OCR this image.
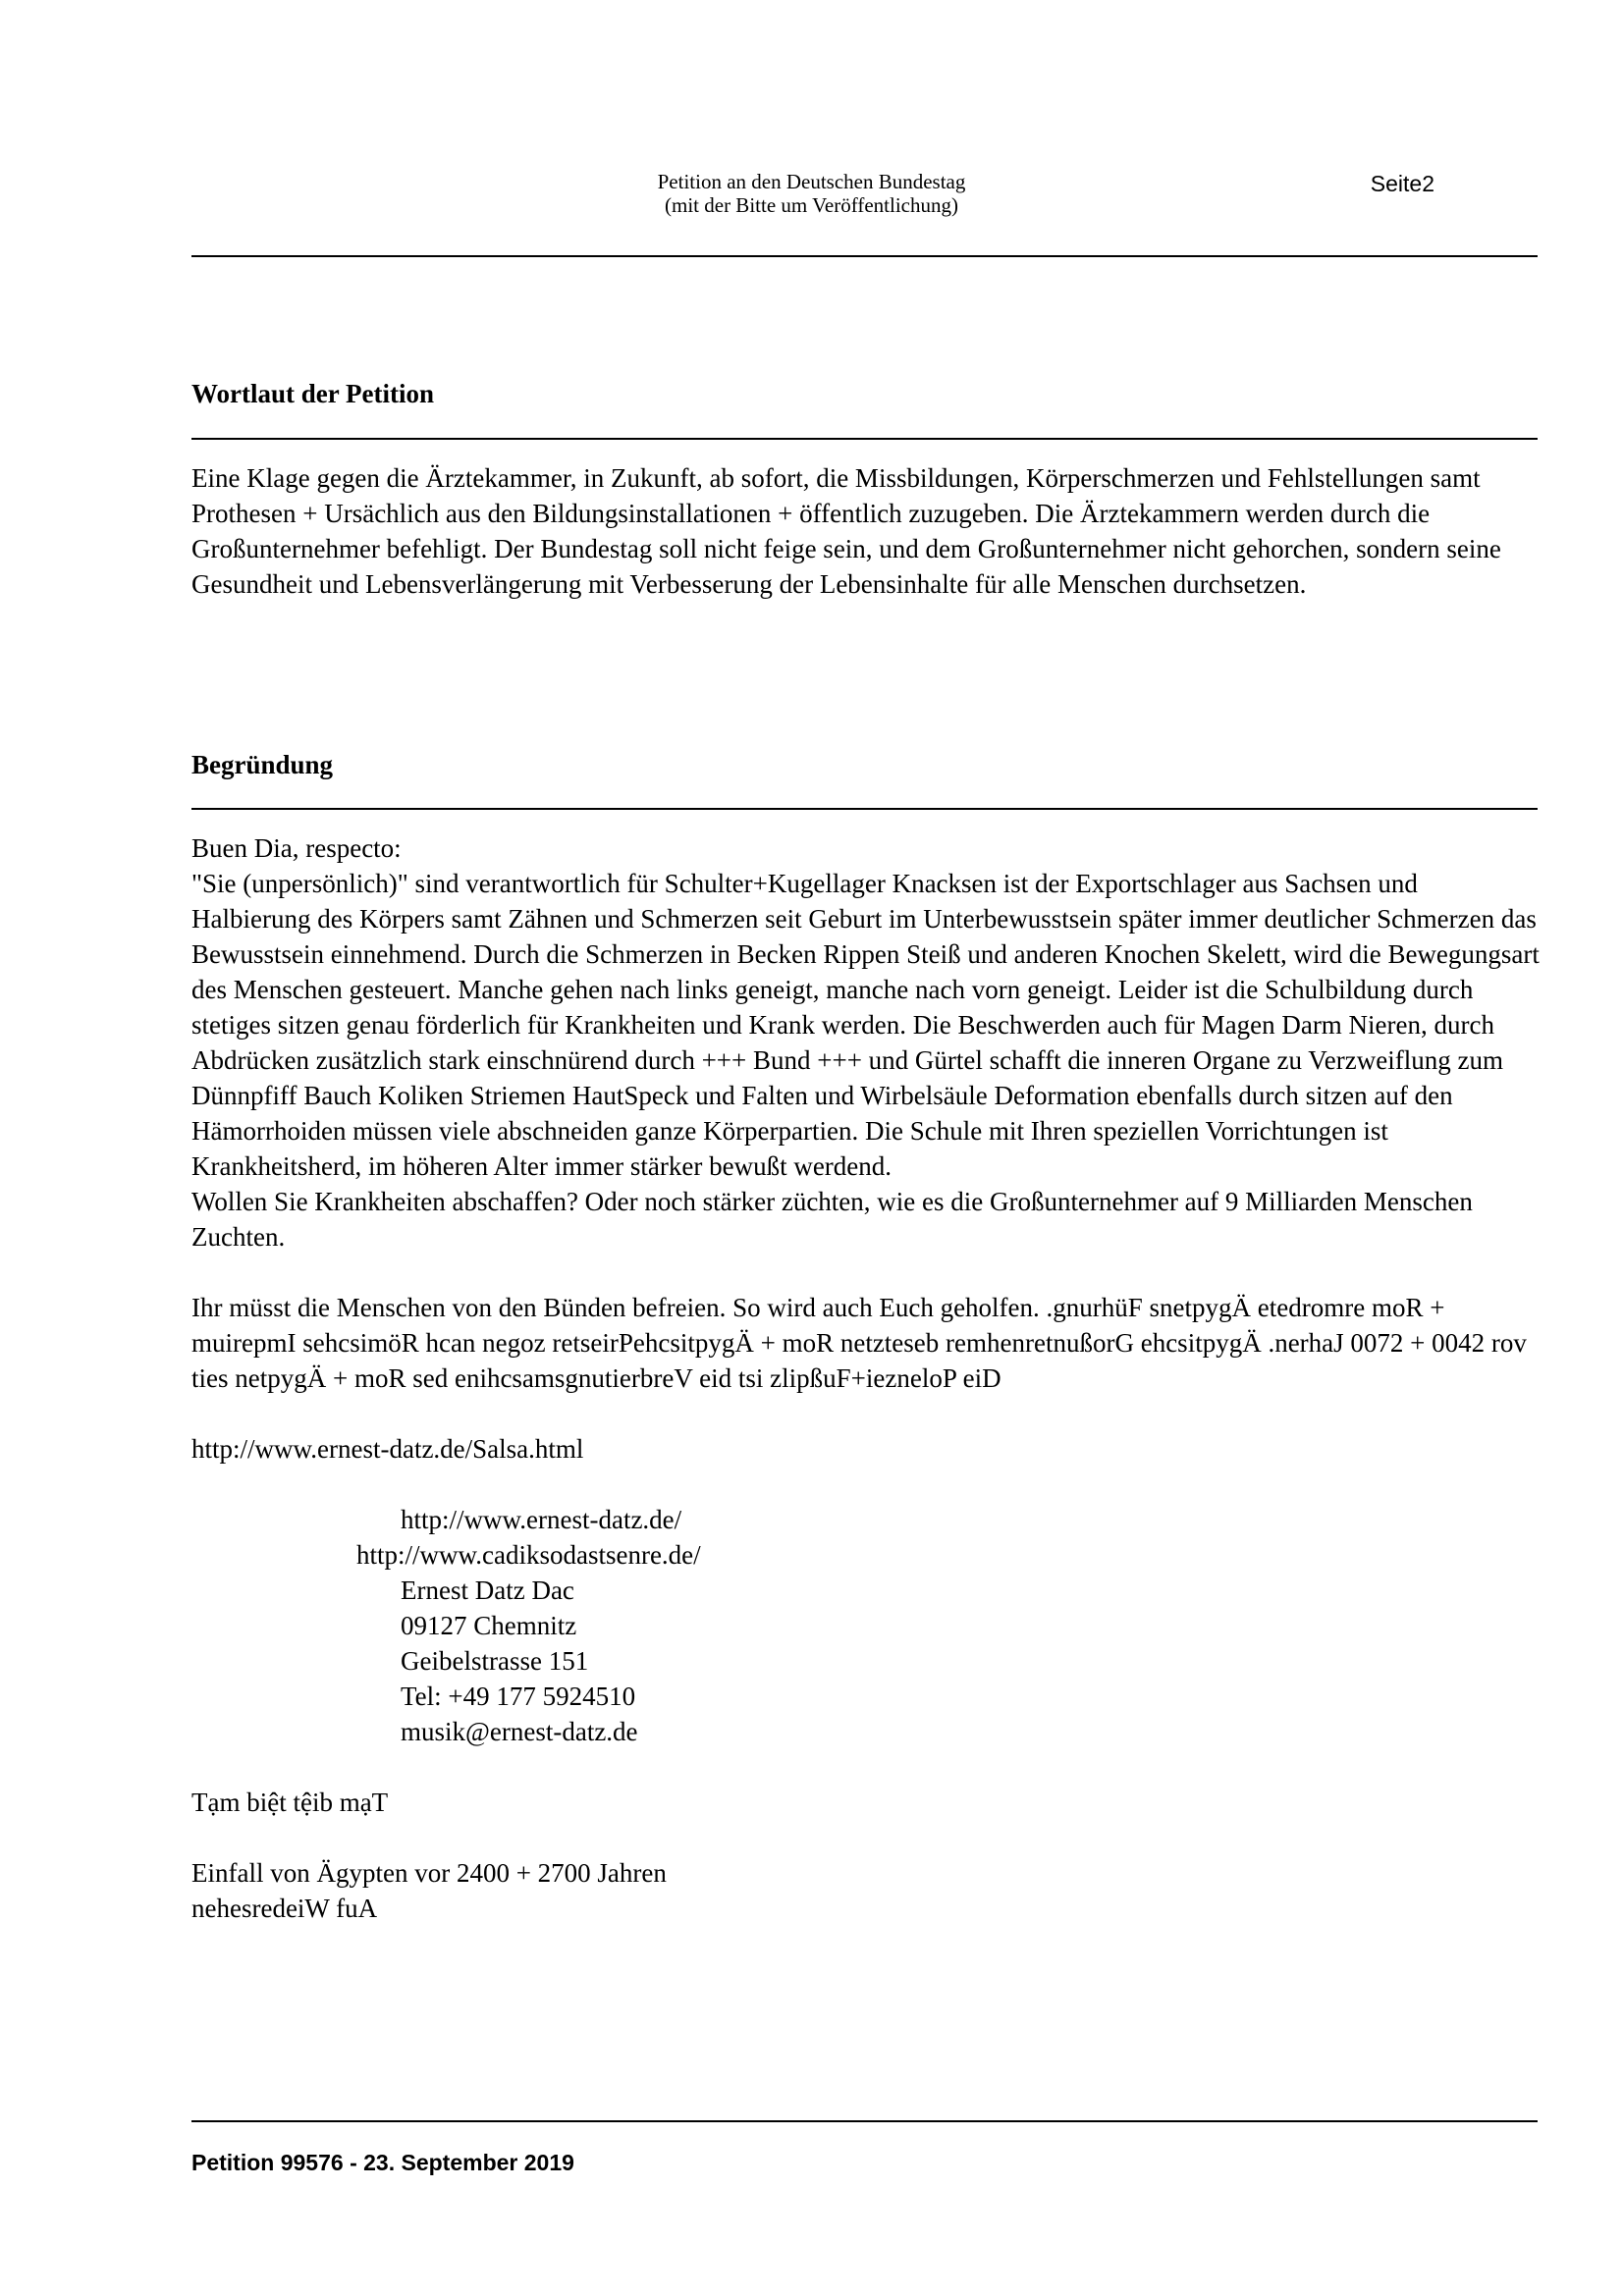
Petition an den Deutschen Bundestag
(mit der Bitte um Veröffentlichung)
Seite2
Wortlaut der Petition

Eine Klage gegen die Ärztekammer, in Zukunft, ab sofort, die Missbildungen, Körperschmerzen und Fehlstellungen samt Prothesen + Ursächlich aus den Bildungsinstallationen + öffentlich zuzugeben. Die Ärztekammern werden durch die Großunternehmer befehligt. Der Bundestag soll nicht feige sein, und dem Großunternehmer nicht gehorchen, sondern seine Gesundheit und Lebensverlängerung mit Verbesserung der Lebensinhalte für alle Menschen durchsetzen.

Begründung

Buen Dia, respecto:

"Sie (unpersönlich)" sind verantwortlich für Schulter+Kugellager Knacksen ist der Exportschlager aus Sachsen und Halbierung des Körpers samt Zähnen und Schmerzen seit Geburt im Unterbewusstsein später immer deutlicher Schmerzen das Bewusstsein einnehmend. Durch die Schmerzen in Becken Rippen Steiß und anderen Knochen Skelett, wird die Bewegungsart des Menschen gesteuert. Manche gehen nach links geneigt, manche nach vorn geneigt. Leider ist die Schulbildung durch stetiges sitzen genau förderlich für Krankheiten und Krank werden. Die Beschwerden auch für Magen Darm Nieren, durch Abdrücken zusätzlich stark einschnürend durch +++ Bund +++ und Gürtel schafft die inneren Organe zu Verzweiflung zum Dünnpfiff Bauch Koliken Striemen HautSpeck und Falten und Wirbelsäule Deformation ebenfalls durch sitzen auf den Hämorrhoiden müssen viele abschneiden ganze Körperpartien. Die Schule mit Ihren speziellen Vorrichtungen ist Krankheitsherd, im höheren Alter immer stärker bewußt werdend.

Wollen Sie Krankheiten abschaffen? Oder noch stärker züchten, wie es die Großunternehmer auf 9 Milliarden Menschen Zuchten.

Ihr müsst die Menschen von den Bünden befreien. So wird auch Euch geholfen. .gnurhüF snetpygÄ etedromre moR + muirepmI sehcsimöR hcan negoz retseirPehcsitpygÄ + moR netzteseb remhenretnußorG ehcsitpygÄ .nerhaJ 0072 + 0042 rov ties netpygÄ + moR sed enihcsamsgnutierbreV eid tsi zlipßuF+iezneloP eiD

http://www.ernest-datz.de/Salsa.html

http://www.ernest-datz.de/
http://www.cadiksodastsenre.de/
Ernest Datz Dac
09127 Chemnitz
Geibelstrasse 151
Tel: +49 177 5924510
musik@ernest-datz.de

Tạm biệt tệib mạT

Einfall von Ägypten vor 2400 + 2700 Jahren

nehesredeiW fuA

Petition 99576 - 23. September 2019
